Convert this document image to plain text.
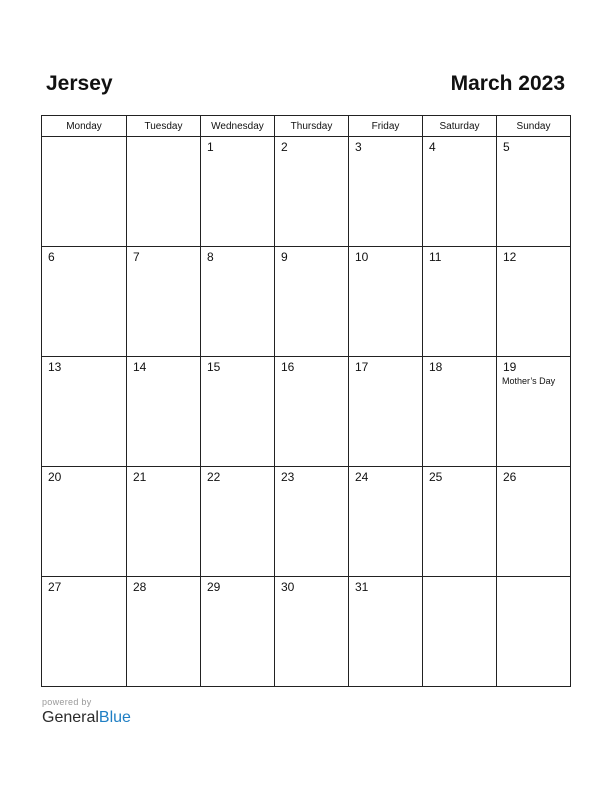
Jersey	March 2023
Monday	Tuesday	Wednesday	Thursday	Friday	Saturday	Sunday

		1	2	3	4	5

6	7	8	9	10	11	12

13	14	15	16	17	18	19
Mother’s Day

20	21	22	23	24	25	26

27	28	29	30	31		

powered by
GeneralBlue
